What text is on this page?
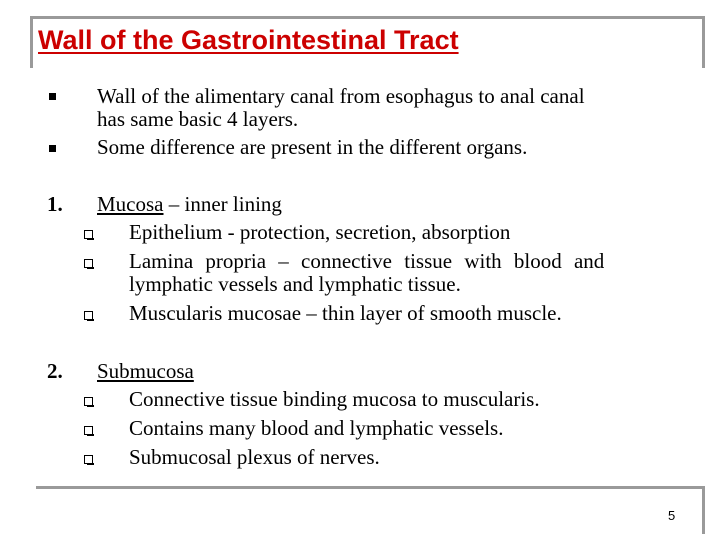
Wall of the Gastrointestinal Tract
Wall of the alimentary canal from esophagus to anal canal
has same basic 4 layers.
Some difference are present in the different organs.
1. Mucosa – inner lining
Epithelium - protection, secretion, absorption
Lamina propria – connective tissue with blood and
lymphatic vessels and lymphatic tissue.
Muscularis mucosae – thin layer of smooth muscle.
2. Submucosa
Connective tissue binding mucosa to muscularis.
Contains many blood and lymphatic vessels.
Submucosal plexus of nerves.
5
